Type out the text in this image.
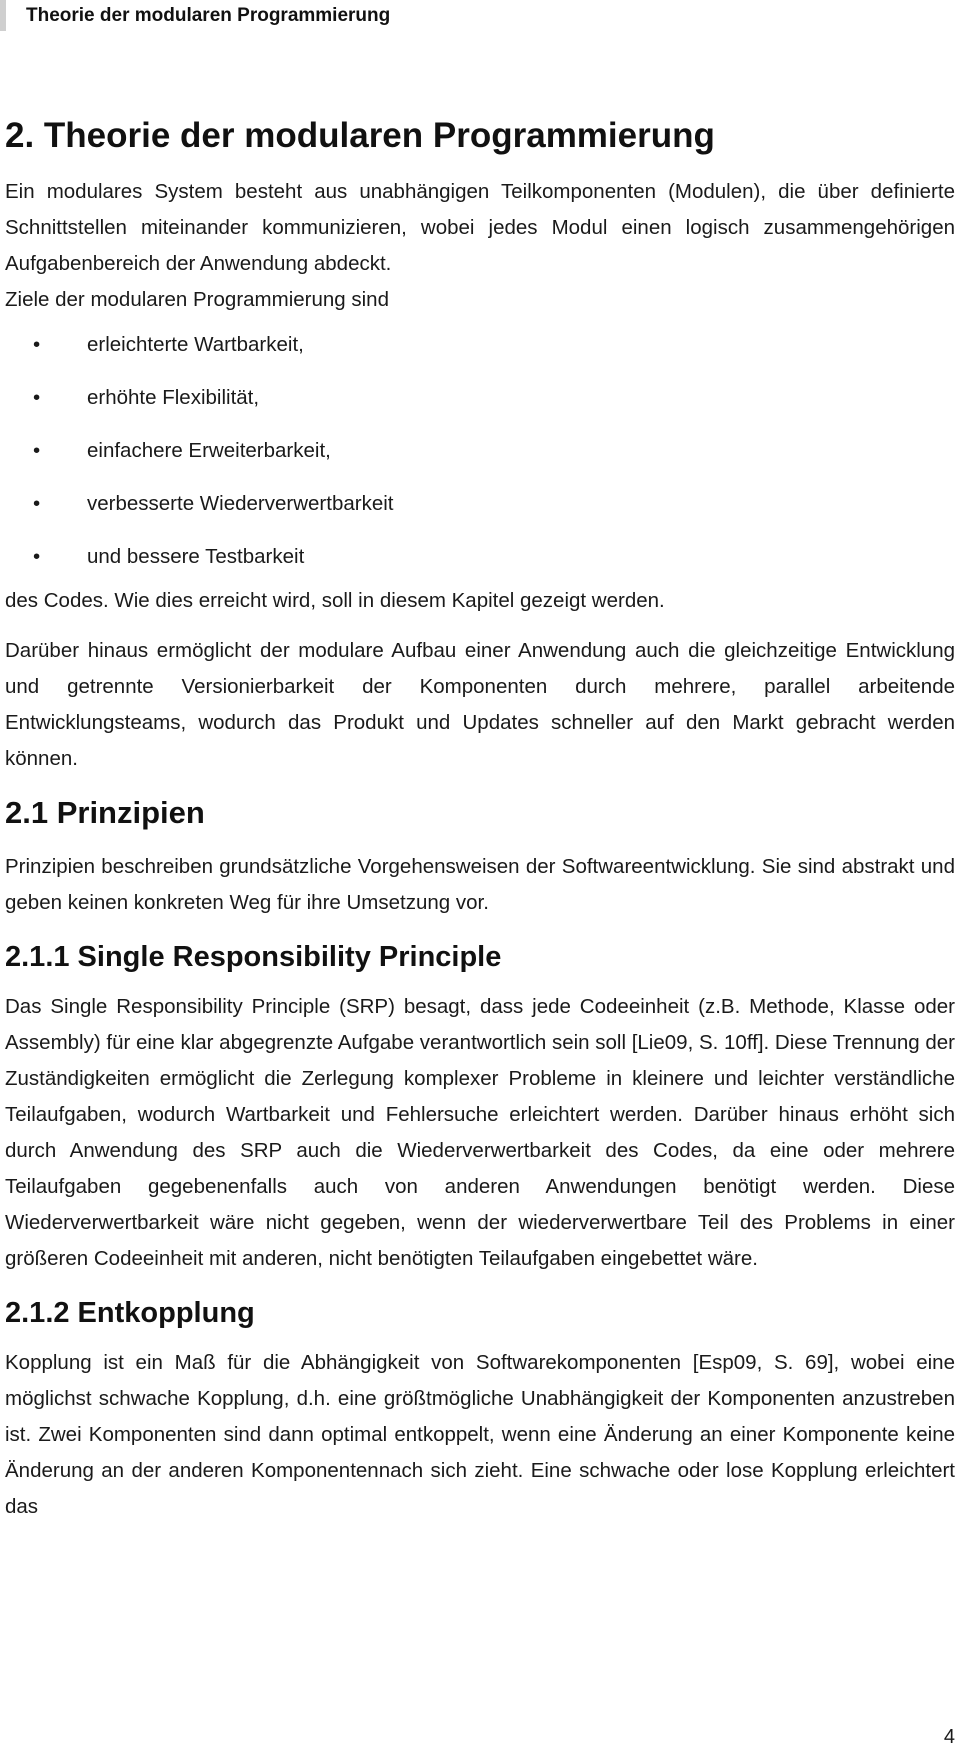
Theorie der modularen Programmierung
2. Theorie der modularen Programmierung

Ein modulares System besteht aus unabhängigen Teilkomponenten (Modulen), die über definierte Schnittstellen miteinander kommunizieren, wobei jedes Modul einen logisch zusammengehörigen Aufgabenbereich der Anwendung abdeckt.

Ziele der modularen Programmierung sind

• erleichterte Wartbarkeit,
• erhöhte Flexibilität,
• einfachere Erweiterbarkeit,
• verbesserte Wiederverwertbarkeit
• und bessere Testbarkeit

des Codes. Wie dies erreicht wird, soll in diesem Kapitel gezeigt werden.

Darüber hinaus ermöglicht der modulare Aufbau einer Anwendung auch die gleichzeitige Entwicklung und getrennte Versionierbarkeit der Komponenten durch mehrere, parallel arbeitende Entwicklungsteams, wodurch das Produkt und Updates schneller auf den Markt gebracht werden können.

2.1 Prinzipien

Prinzipien beschreiben grundsätzliche Vorgehensweisen der Softwareentwicklung. Sie sind abstrakt und geben keinen konkreten Weg für ihre Umsetzung vor.

2.1.1 Single Responsibility Principle

Das Single Responsibility Principle (SRP) besagt, dass jede Codeeinheit (z.B. Methode, Klasse oder Assembly) für eine klar abgegrenzte Aufgabe verantwortlich sein soll [Lie09, S. 10ff]. Diese Trennung der Zuständigkeiten ermöglicht die Zerlegung komplexer Probleme in kleinere und leichter verständliche Teilaufgaben, wodurch Wartbarkeit und Fehlersuche erleichtert werden. Darüber hinaus erhöht sich durch Anwendung des SRP auch die Wiederverwertbarkeit des Codes, da eine oder mehrere Teilaufgaben gegebenenfalls auch von anderen Anwendungen benötigt werden. Diese Wiederverwertbarkeit wäre nicht gegeben, wenn der wiederverwertbare Teil des Problems in einer größeren Codeeinheit mit anderen, nicht benötigten Teilaufgaben eingebettet wäre.

2.1.2 Entkopplung

Kopplung ist ein Maß für die Abhängigkeit von Softwarekomponenten [Esp09, S. 69], wobei eine möglichst schwache Kopplung, d.h. eine größtmögliche Unabhängigkeit der Komponenten anzustreben ist. Zwei Komponenten sind dann optimal entkoppelt, wenn eine Änderung an einer Komponente keine Änderung an der anderen Komponentennach sich zieht. Eine schwache oder lose Kopplung erleichtert das

4
